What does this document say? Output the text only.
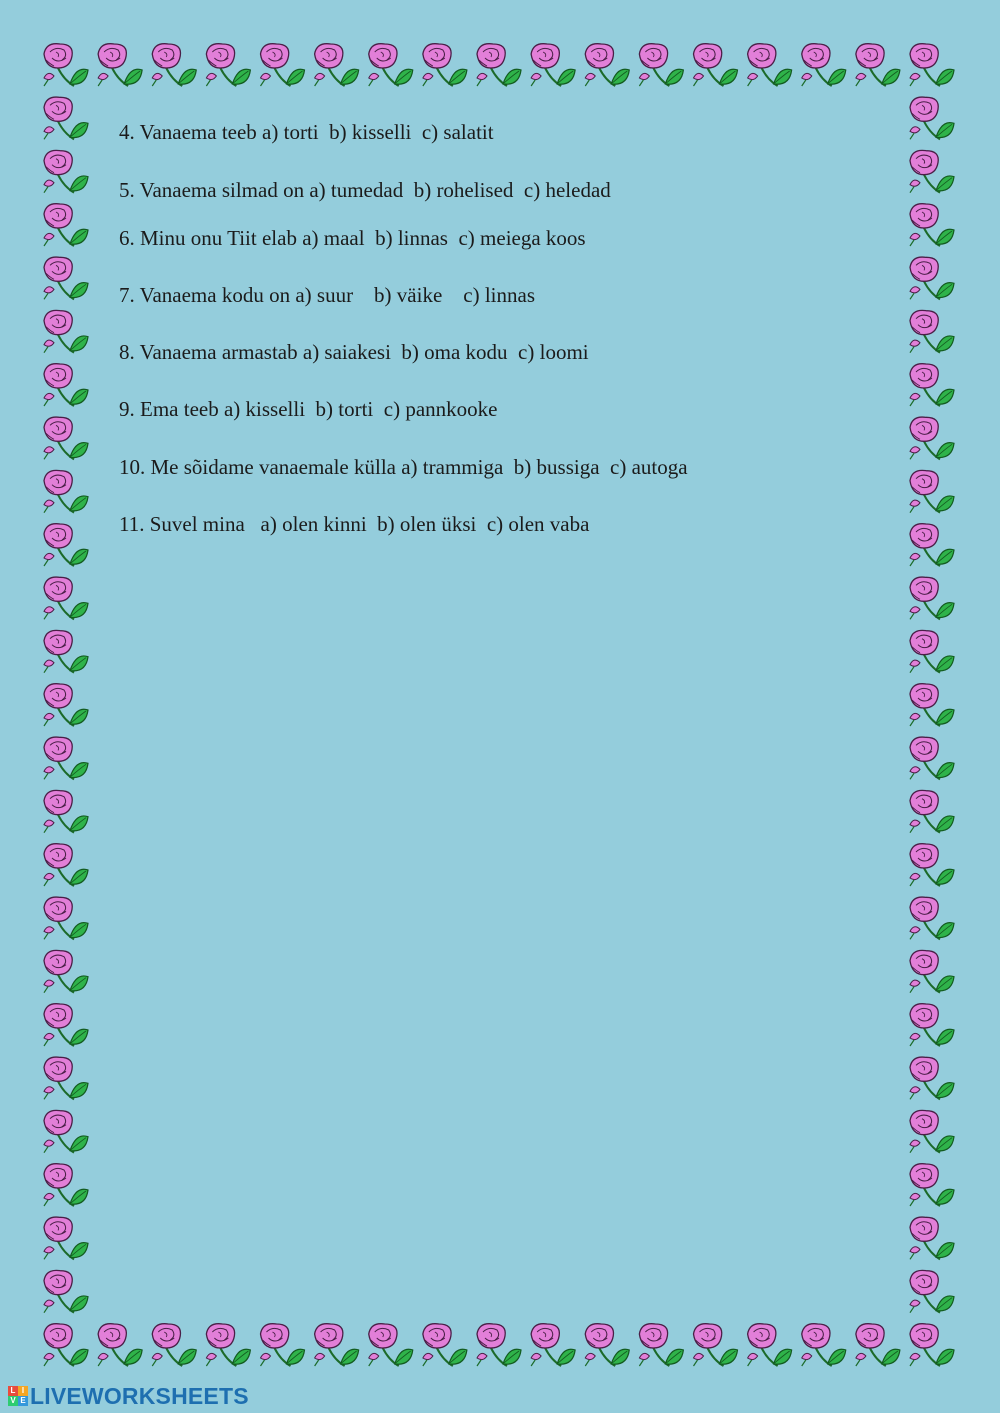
4. Vanaema teeb a) torti  b) kisselli  c) salatit
5. Vanaema silmad on a) tumedad  b) rohelised  c) heledad
6. Minu onu Tiit elab a) maal  b) linnas  c) meiega koos
7. Vanaema kodu on a) suur    b) väike    c) linnas
8. Vanaema armastab a) saiakesi  b) oma kodu  c) loomi
9. Ema teeb a) kisselli  b) torti  c) pannkooke
10. Me sõidame vanaemale külla a) trammiga  b) bussiga  c) autoga
11. Suvel mina   a) olen kinni  b) olen üksi  c) olen vaba
L I
V E LIVEWORKSHEETS
